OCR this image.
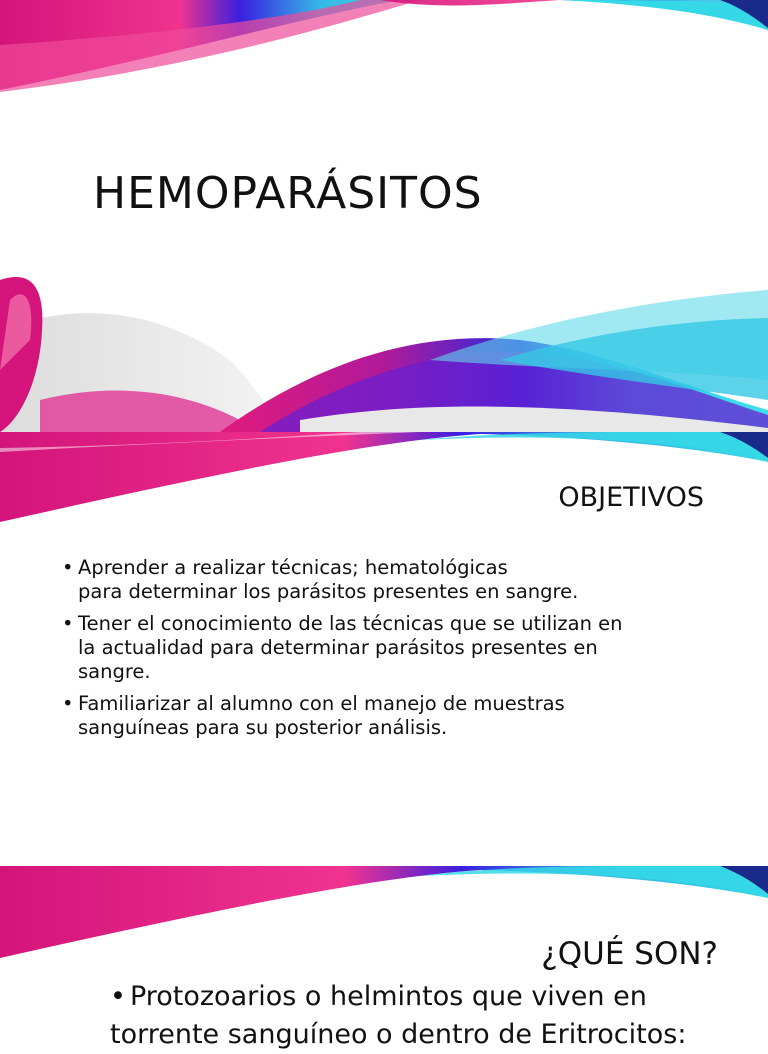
HEMOPARÁSITOS
OBJETIVOS
• Aprender a realizar técnicas; hematológicas
para determinar los parásitos presentes en sangre.
• Tener el conocimiento de las técnicas que se utilizan en
la actualidad para determinar parásitos presentes en
sangre.
• Familiarizar al alumno con el manejo de muestras
sanguíneas para su posterior análisis.
¿QUÉ SON?

• Protozoarios o helmintos que viven en
torrente sanguíneo o dentro de Eritrocitos:
